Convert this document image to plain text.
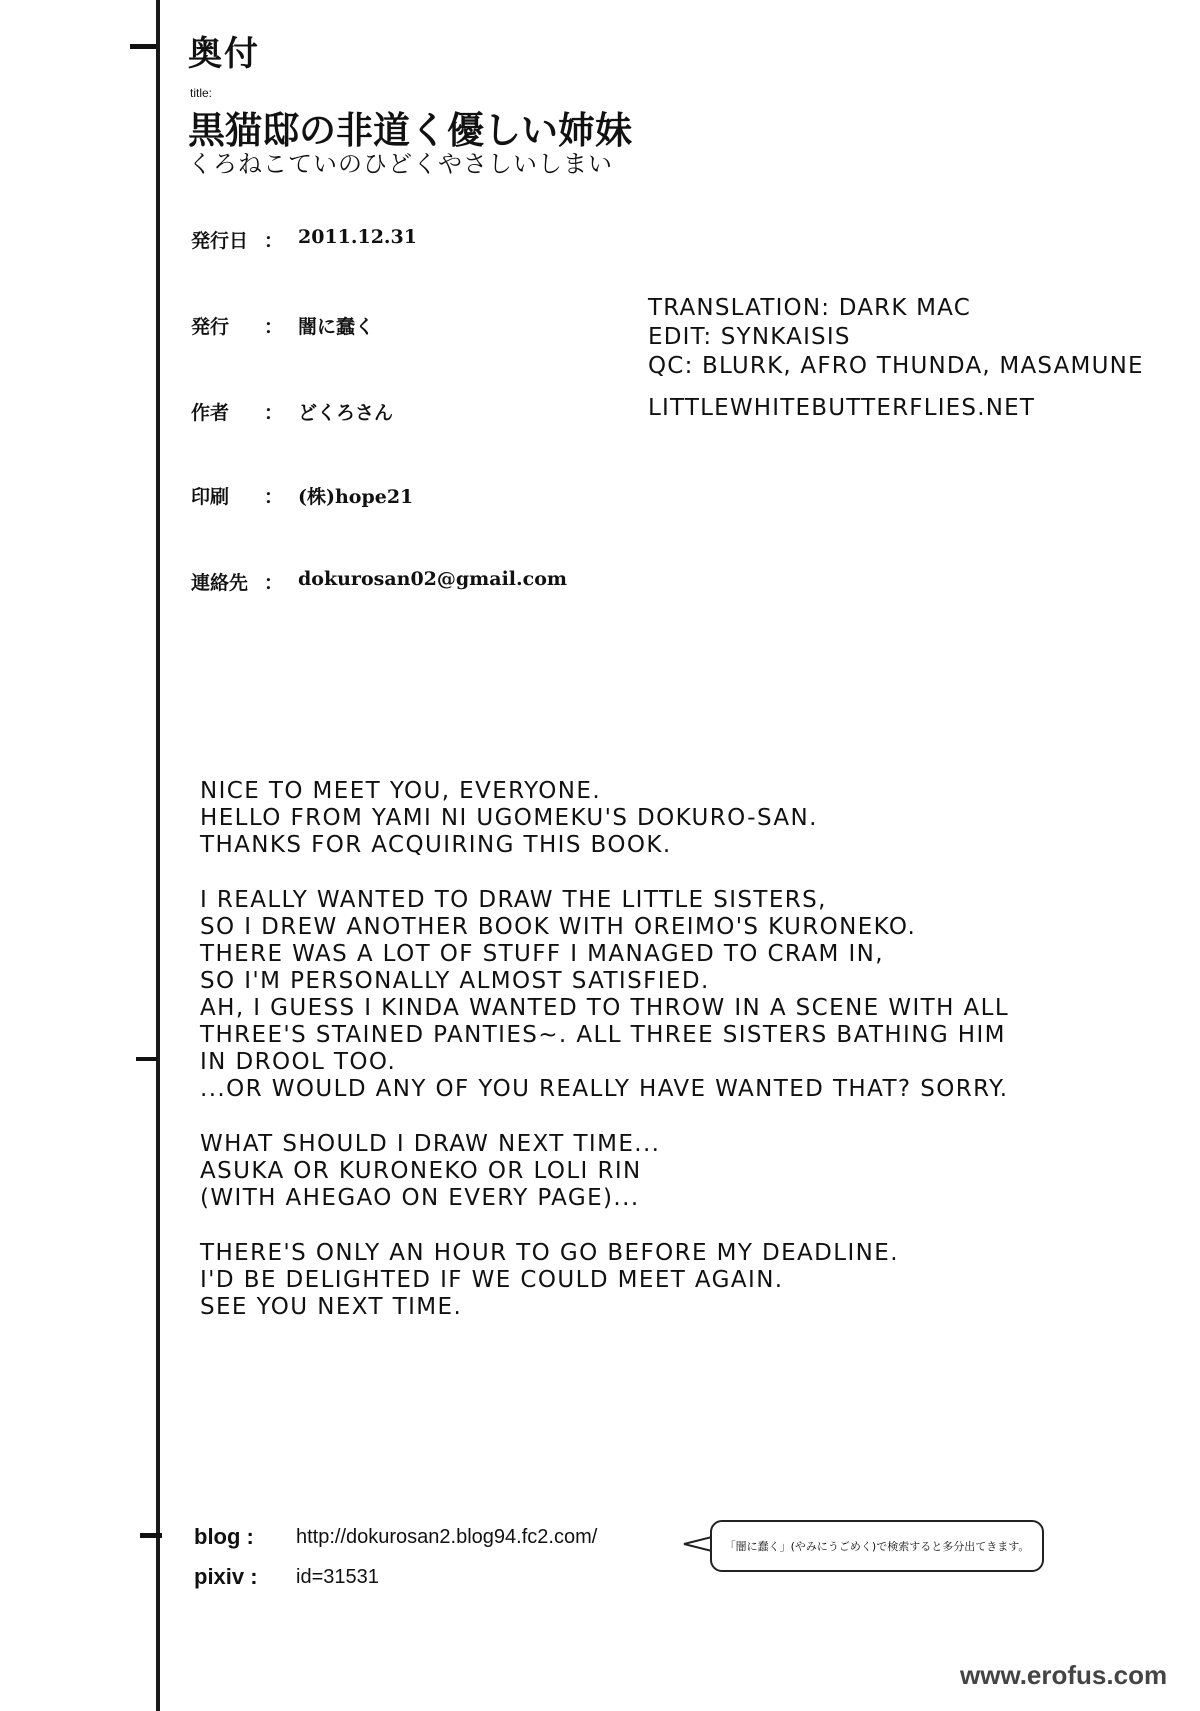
奥付
title:
黒猫邸の非道く優しい姉妹
くろねこていのひどくやさしいしまい
発行日 ： 2011.12.31
発行 ： 闇に蠢く
作者 ： どくろさん
印刷 ： (株)hope21
連絡先 ： dokurosan02@gmail.com
TRANSLATION: DARK MAC
EDIT: SYNKAISIS
QC: BLURK, AFRO THUNDA, MASAMUNE
LITTLEWHITEBUTTERFLIES.NET
NICE TO MEET YOU, EVERYONE.
HELLO FROM YAMI NI UGOMEKU'S DOKURO-SAN.
THANKS FOR ACQUIRING THIS BOOK.
I REALLY WANTED TO DRAW THE LITTLE SISTERS,
SO I DREW ANOTHER BOOK WITH OREIMO'S KURONEKO.
THERE WAS A LOT OF STUFF I MANAGED TO CRAM IN,
SO I'M PERSONALLY ALMOST SATISFIED.
AH, I GUESS I KINDA WANTED TO THROW IN A SCENE WITH ALL
THREE'S STAINED PANTIES~. ALL THREE SISTERS BATHING HIM
IN DROOL TOO.
...OR WOULD ANY OF YOU REALLY HAVE WANTED THAT? SORRY.
WHAT SHOULD I DRAW NEXT TIME...
ASUKA OR KURONEKO OR LOLI RIN
(WITH AHEGAO ON EVERY PAGE)...
THERE'S ONLY AN HOUR TO GO BEFORE MY DEADLINE.
I'D BE DELIGHTED IF WE COULD MEET AGAIN.
SEE YOU NEXT TIME.
blog : http://dokurosan2.blog94.fc2.com/
pixiv : id=31531
「闇に蠢く」(やみにうごめく)で検索すると多分出てきます。
www.erofus.com
